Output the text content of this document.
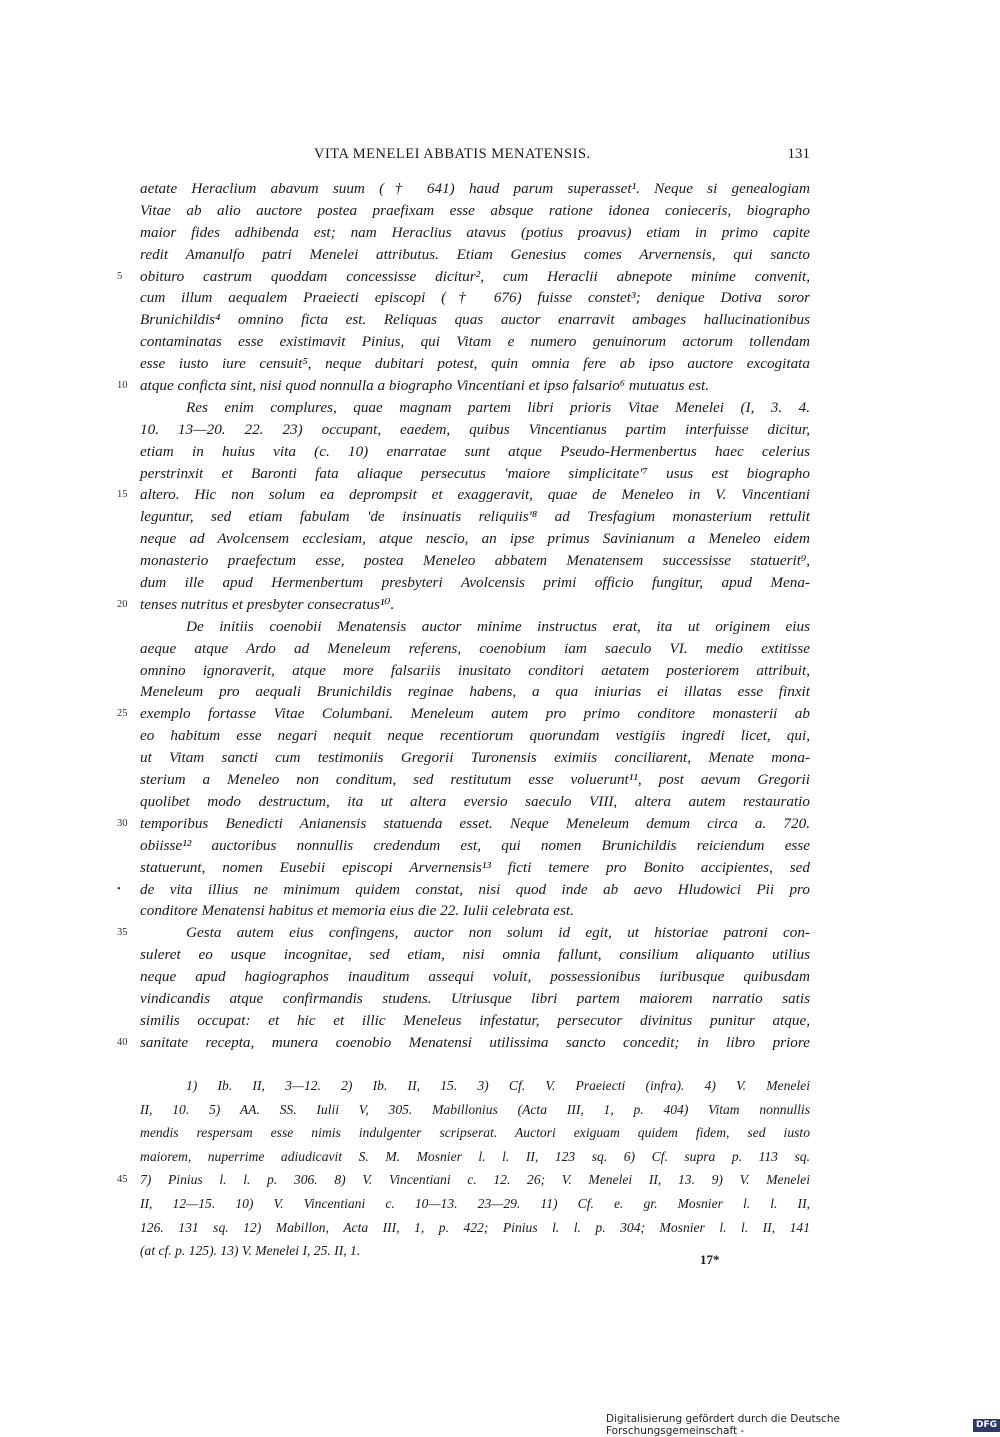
VITA MENELEI ABBATIS MENATENSIS.	131
aetate Heraclium abavum suum († 641) haud parum superasset¹. Neque si genealogiam
Vitae ab alio auctore postea praefixam esse absque ratione idonea conieceris, biographo
maior fides adhibenda est; nam Heraclius atavus (potius proavus) etiam in primo capite
redit Amanulfo patri Menelei attributus. Etiam Genesius comes Arvernensis, qui sancto
5 obituro castrum quoddam concessisse dicitur², cum Heraclii abnepote minime convenit,
cum illum aequalem Praeiecti episcopi († 676) fuisse constet³; denique Dotiva soror
Brunichildis⁴ omnino ficta est. Reliquas quas auctor enarravit ambages hallucinationibus
contaminatas esse existimavit Pinius, qui Vitam e numero genuinorum actorum tollendam
esse iusto iure censuit⁵, neque dubitari potest, quin omnia fere ab ipso auctore excogitata
10 atque conficta sint, nisi quod nonnulla a biographo Vincentiani et ipso falsario⁶ mutuatus est.
Res enim complures, quae magnam partem libri prioris Vitae Menelei (I, 3. 4.
10. 13—20. 22. 23) occupant, eaedem, quibus Vincentianus partim interfuisse dicitur,
etiam in huius vita (c. 10) enarratae sunt atque Pseudo-Hermenbertus haec celerius
perstrinxit et Baronti fata aliaque persecutus 'maiore simplicitate'⁷ usus est biographo
15 altero. Hic non solum ea deprompsit et exaggeravit, quae de Meneleo in V. Vincentiani
leguntur, sed etiam fabulam 'de insinuatis reliquiis'⁸ ad Tresfagium monasterium rettulit
neque ad Avolcensem ecclesiam, atque nescio, an ipse primus Savinianum a Meneleo eidem
monasterio praefectum esse, postea Meneleo abbatem Menatensem successisse statuerit⁹,
dum ille apud Hermenbertum presbyteri Avolcensis primi officio fungitur, apud Mena-
20 tenses nutritus et presbyter consecratus¹⁰.
De initiis coenobii Menatensis auctor minime instructus erat, ita ut originem eius
aeque atque Ardo ad Meneleum referens, coenobium iam saeculo VI. medio extitisse
omnino ignoraverit, atque more falsariis inusitato conditori aetatem posteriorem attribuit,
Meneleum pro aequali Brunichildis reginae habens, a qua iniurias ei illatas esse finxit
25 exemplo fortasse Vitae Columbani. Meneleum autem pro primo conditore monasterii ab
eo habitum esse negari nequit neque recentiorum quorundam vestigiis ingredi licet, qui,
ut Vitam sancti cum testimoniis Gregorii Turonensis eximiis conciliarent, Menate mona-
sterium a Meneleo non conditum, sed restitutum esse voluerunt¹¹, post aevum Gregorii
quolibet modo destructum, ita ut altera eversio saeculo VIII, altera autem restauratio
30 temporibus Benedicti Anianensis statuenda esset. Neque Meneleum demum circa a. 720.
obiisse¹² auctoribus nonnullis credendum est, qui nomen Brunichildis reiciendum esse
statuerunt, nomen Eusebii episcopi Arvernensis¹³ ficti temere pro Bonito accipientes, sed
• de vita illius ne minimum quidem constat, nisi quod inde ab aevo Hludowici Pii pro
conditore Menatensi habitus et memoria eius die 22. Iulii celebrata est.
35	Gesta autem eius confingens, auctor non solum id egit, ut historiae patroni con-
suleret eo usque incognitae, sed etiam, nisi omnia fallunt, consilium aliquanto utilius
neque apud hagiographos inauditum assequi voluit, possessionibus iuribusque quibusdam
vindicandis atque confirmandis studens. Utriusque libri partem maiorem narratio satis
similis occupat: et hic et illic Meneleus infestatur, persecutor divinitus punitur atque,
40 sanitate recepta, munera coenobio Menatensi utilissima sancto concedit; in libro priore
1) Ib. II, 3—12. 2) Ib. II, 15. 3) Cf. V. Praeiecti (infra). 4) V. Menelei
II, 10. 5) AA. SS. Iulii V, 305. Mabillonius (Acta III, 1, p. 404) Vitam nonnullis
mendis respersam esse nimis indulgenter scripserat. Auctori exiguam quidem fidem, sed iusto
maiorem, nuperrime adiudicavit S. M. Mosnier l. l. II, 123 sq. 6) Cf. supra p. 113 sq.
45 7) Pinius l. l. p. 306. 8) V. Vincentiani c. 12. 26; V. Menelei II, 13. 9) V. Menelei
II, 12—15. 10) V. Vincentiani c. 10—13. 23—29. 11) Cf. e. gr. Mosnier l. l. II,
126. 131 sq. 12) Mabillon, Acta III, 1, p. 422; Pinius l. l. p. 304; Mosnier l. l. II, 141
(at cf. p. 125). 13) V. Menelei I, 25. II, 1.
17*
Digitalisierung gefördert durch die Deutsche Forschungsgemeinschaft -
DFG
